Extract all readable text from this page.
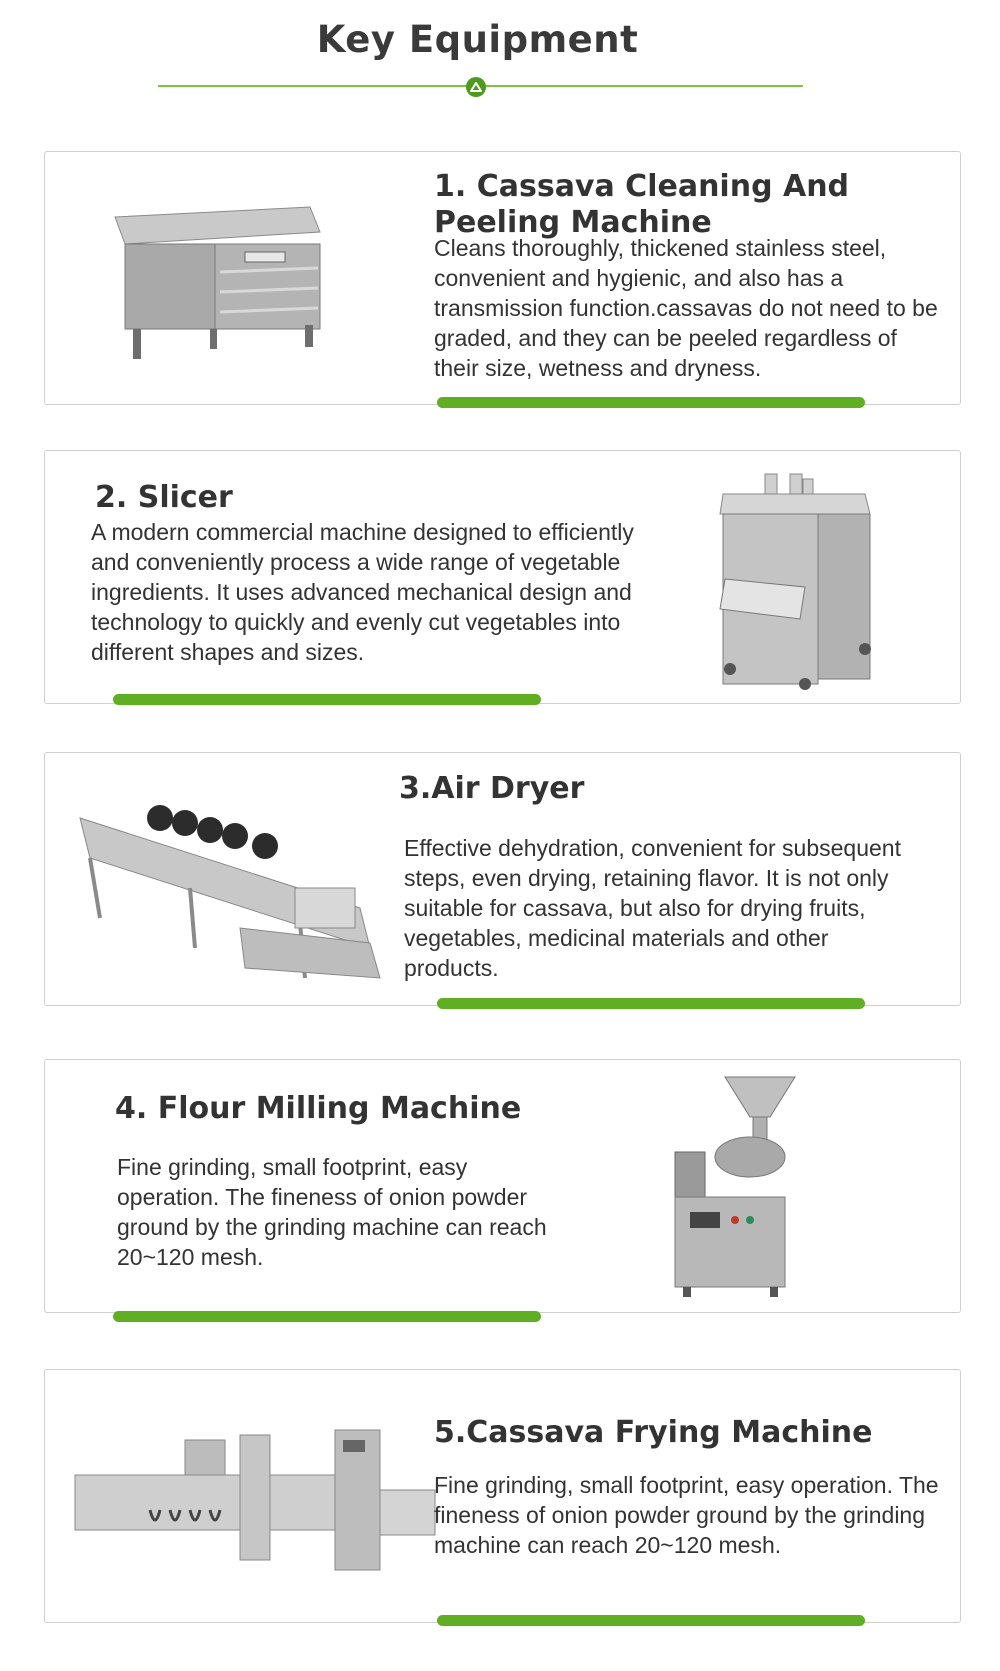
Key Equipment
1. Cassava Cleaning And Peeling Machine

Cleans thoroughly, thickened stainless steel, convenient and hygienic, and also has a transmission function.cassavas do not need to be graded, and they can be peeled regardless of their size, wetness and dryness.

2. Slicer

A modern commercial machine designed to efficiently and conveniently process a wide range of vegetable ingredients. It uses advanced mechanical design and technology to quickly and evenly cut vegetables into different shapes and sizes.

3.Air Dryer

Effective dehydration, convenient for subsequent steps, even drying, retaining flavor. It is not only suitable for cassava, but also for drying fruits, vegetables, medicinal materials and other products.

4. Flour Milling Machine

Fine grinding, small footprint, easy operation. The fineness of onion powder ground by the grinding machine can reach 20~120 mesh.

5.Cassava Frying Machine

Fine grinding, small footprint, easy operation. The fineness of onion powder ground by the grinding machine can reach 20~120 mesh.
